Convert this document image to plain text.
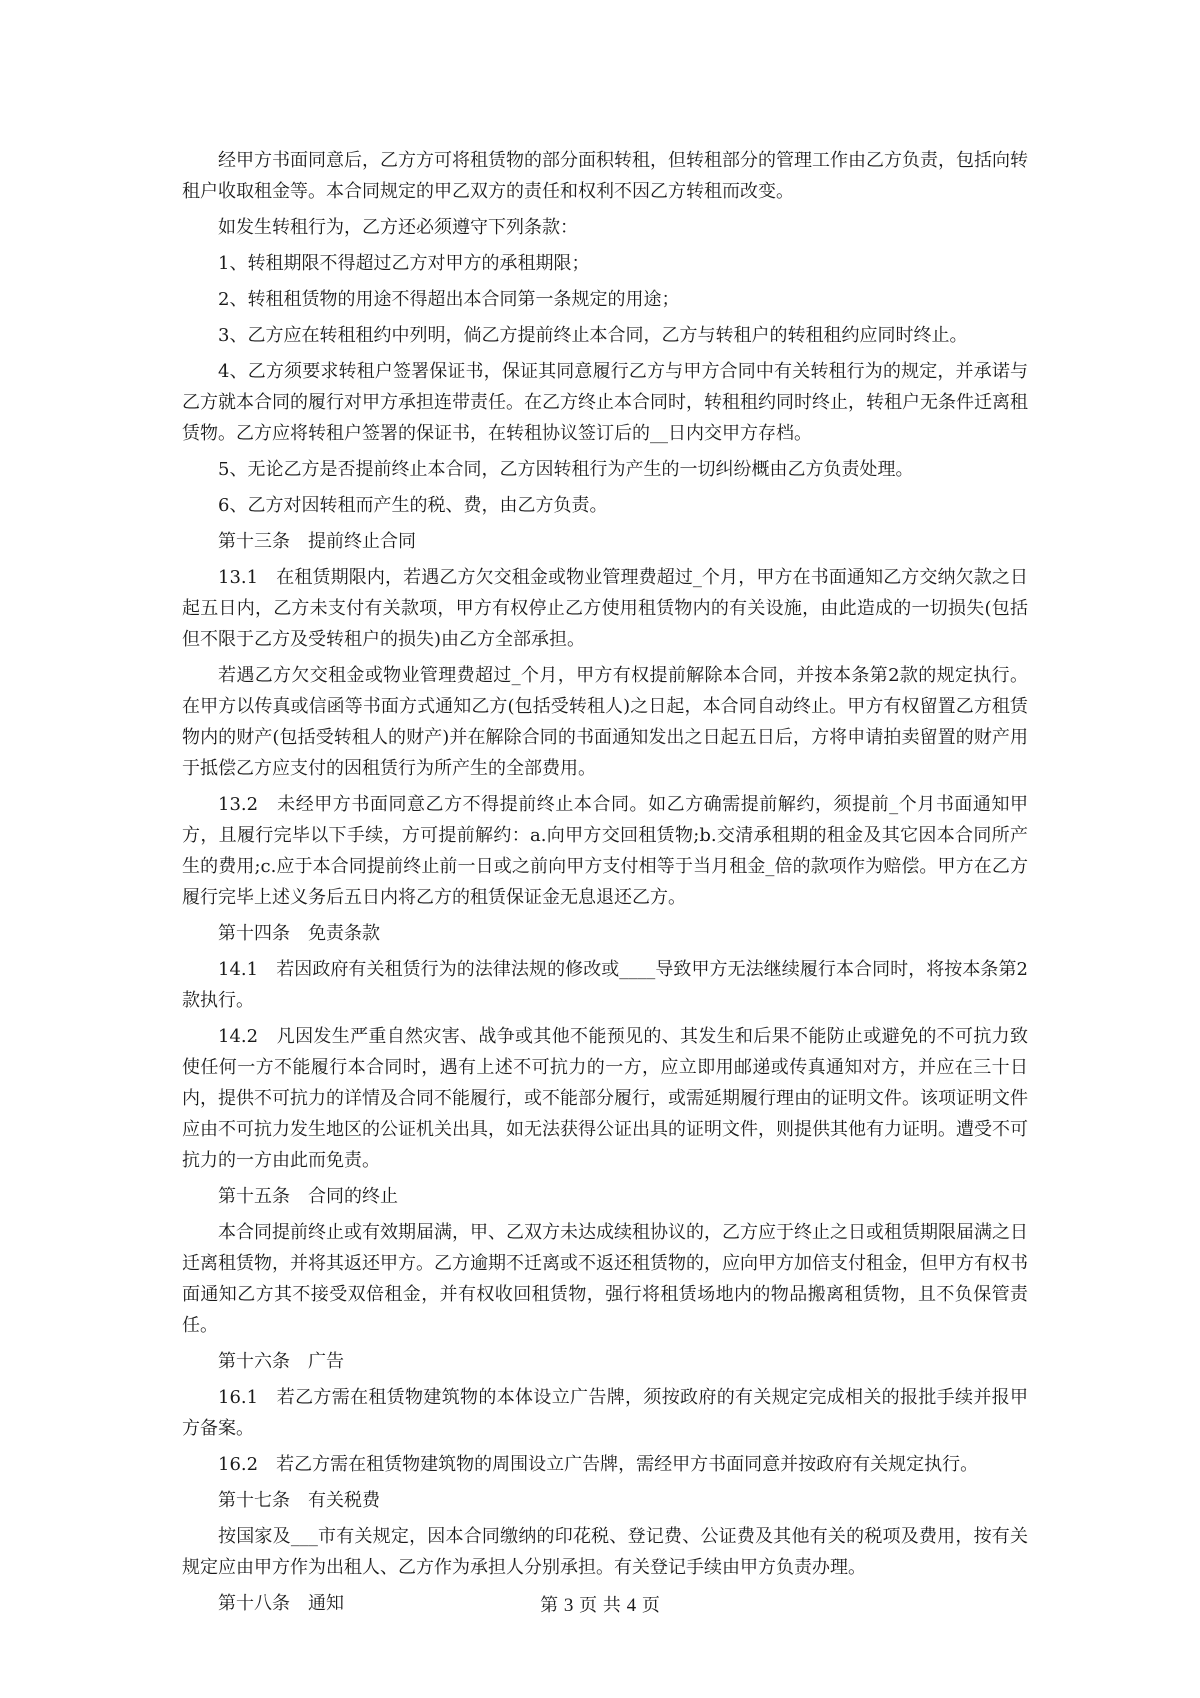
经甲方书面同意后，乙方方可将租赁物的部分面积转租，但转租部分的管理工作由乙方负责，包括向转租户收取租金等。本合同规定的甲乙双方的责任和权利不因乙方转租而改变。

如发生转租行为，乙方还必须遵守下列条款：

1、转租期限不得超过乙方对甲方的承租期限；

2、转租租赁物的用途不得超出本合同第一条规定的用途；

3、乙方应在转租租约中列明，倘乙方提前终止本合同，乙方与转租户的转租租约应同时终止。

4、乙方须要求转租户签署保证书，保证其同意履行乙方与甲方合同中有关转租行为的规定，并承诺与乙方就本合同的履行对甲方承担连带责任。在乙方终止本合同时，转租租约同时终止，转租户无条件迁离租赁物。乙方应将转租户签署的保证书，在转租协议签订后的__日内交甲方存档。

5、无论乙方是否提前终止本合同，乙方因转租行为产生的一切纠纷概由乙方负责处理。

6、乙方对因转租而产生的税、费，由乙方负责。

第十三条　提前终止合同

13.1　在租赁期限内，若遇乙方欠交租金或物业管理费超过_个月，甲方在书面通知乙方交纳欠款之日起五日内，乙方未支付有关款项，甲方有权停止乙方使用租赁物内的有关设施，由此造成的一切损失(包括但不限于乙方及受转租户的损失)由乙方全部承担。

若遇乙方欠交租金或物业管理费超过_个月，甲方有权提前解除本合同，并按本条第2款的规定执行。在甲方以传真或信函等书面方式通知乙方(包括受转租人)之日起，本合同自动终止。甲方有权留置乙方租赁物内的财产(包括受转租人的财产)并在解除合同的书面通知发出之日起五日后，方将申请拍卖留置的财产用于抵偿乙方应支付的因租赁行为所产生的全部费用。

13.2　未经甲方书面同意乙方不得提前终止本合同。如乙方确需提前解约，须提前_个月书面通知甲方，且履行完毕以下手续，方可提前解约：a.向甲方交回租赁物;b.交清承租期的租金及其它因本合同所产生的费用;c.应于本合同提前终止前一日或之前向甲方支付相等于当月租金_倍的款项作为赔偿。甲方在乙方履行完毕上述义务后五日内将乙方的租赁保证金无息退还乙方。

第十四条　免责条款

14.1　若因政府有关租赁行为的法律法规的修改或____导致甲方无法继续履行本合同时，将按本条第2款执行。

14.2　凡因发生严重自然灾害、战争或其他不能预见的、其发生和后果不能防止或避免的不可抗力致使任何一方不能履行本合同时，遇有上述不可抗力的一方，应立即用邮递或传真通知对方，并应在三十日内，提供不可抗力的详情及合同不能履行，或不能部分履行，或需延期履行理由的证明文件。该项证明文件应由不可抗力发生地区的公证机关出具，如无法获得公证出具的证明文件，则提供其他有力证明。遭受不可抗力的一方由此而免责。

第十五条　合同的终止

本合同提前终止或有效期届满，甲、乙双方未达成续租协议的，乙方应于终止之日或租赁期限届满之日迁离租赁物，并将其返还甲方。乙方逾期不迁离或不返还租赁物的，应向甲方加倍支付租金，但甲方有权书面通知乙方其不接受双倍租金，并有权收回租赁物，强行将租赁场地内的物品搬离租赁物，且不负保管责任。

第十六条　广告

16.1　若乙方需在租赁物建筑物的本体设立广告牌，须按政府的有关规定完成相关的报批手续并报甲方备案。

16.2　若乙方需在租赁物建筑物的周围设立广告牌，需经甲方书面同意并按政府有关规定执行。

第十七条　有关税费

按国家及___市有关规定，因本合同缴纳的印花税、登记费、公证费及其他有关的税项及费用，按有关规定应由甲方作为出租人、乙方作为承担人分别承担。有关登记手续由甲方负责办理。

第十八条　通知	第 3 页 共 4 页
